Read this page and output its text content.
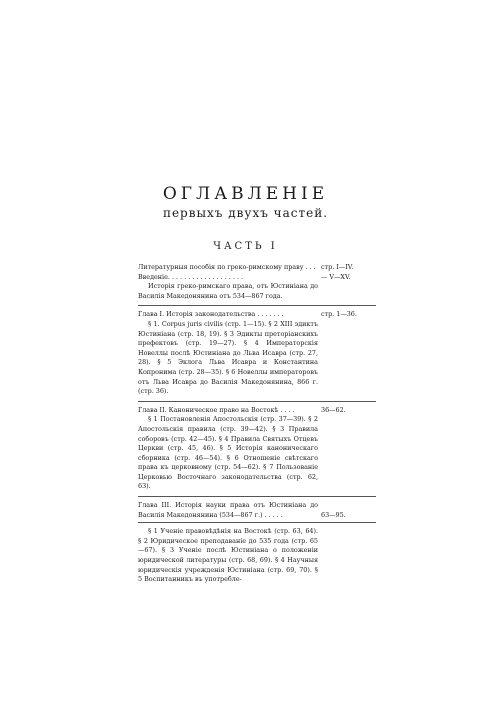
ОГЛАВЛЕНІЕ
первыхъ двухъ частей.
ЧАСТЬ I
Литературныя пособія по греко-римскому праву . . . стр. I—IV.
Введеніе. . . . . . . . . . . . . . . . . . .	— V—XV.
Исторія греко-римскаго права, отъ Юстиніана до Василія Македонянина отъ 534—867 года.
Глава I. Исторія законодательства . . . . . . .	стр. 1—36.
§ 1. Corpus juris civilis (стр. 1—15). § 2 XIII эдиктъ Юстиніана (стр. 18, 19). § 3 Эдикты преторіанскихъ префектовъ (стр. 19—27). § 4 Императорскія Новеллы послѣ Юстиніана до Льва Исавра (стр. 27, 28). § 5 Эклога Льва Исавра и Константина Копронима (стр. 28—35). § 6 Новеллы императоровъ отъ Льва Исавра до Василія Македонянина, 866 г. (стр. 36).
Глава II. Каноническое право на Востокѣ . . . .	36—62.
§ 1 Постановленія Апостольскія (стр. 37—39). § 2 Апостольскія правила (стр. 39—42). § 3 Правила соборовъ (стр. 42—45). § 4 Правила Святыхъ Отцевъ Церкви (стр. 45, 46). § 5 Исторія каноническаго сборника (стр. 46—54). § 6 Отношеніе свѣтскаго права къ церковному (стр. 54—62). § 7 Пользованіе Церковью Восточнаго законодательства (стр. 62, 63).
Глава III. Исторія науки права отъ Юстиніана до Василія Македонянина (534—867 г.) . . . . .	63—95.
§ 1 Ученіе правовѣдѣнія на Востокѣ (стр. 63, 64). § 2 Юридическое преподаваніе до 535 года (стр. 65—67). § 3 Ученіе послѣ Юстиніана о положеніи юридической литературы (стр. 68, 69). § 4 Научныя юридическія учрежденія Юстиніана (стр. 69, 70). § 5 Воспитанникъ въ употребле-
